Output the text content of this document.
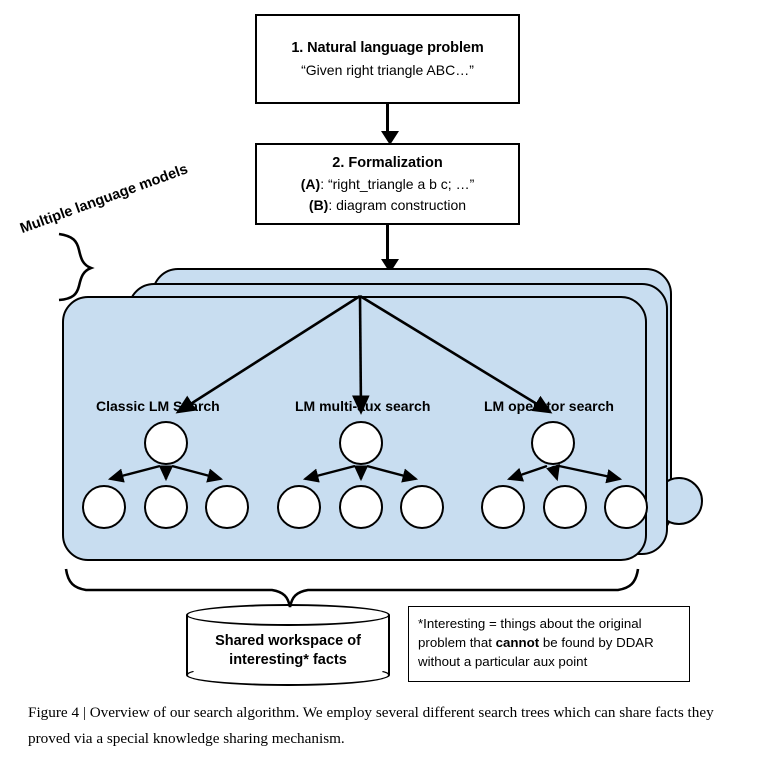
1. Natural language problem
“Given right triangle ABC…”
2. Formalization
(A): “right_triangle a b c; …”
(B): diagram construction
Classic LM Search	LM multi-aux search	LM operator search
Multiple language models
Shared workspace of
interesting* facts
*Interesting = things about the original
problem that cannot be found by DDAR
without a particular aux point
Figure 4 | Overview of our search algorithm. We employ several different search trees which can share facts they proved via a special knowledge sharing mechanism.
